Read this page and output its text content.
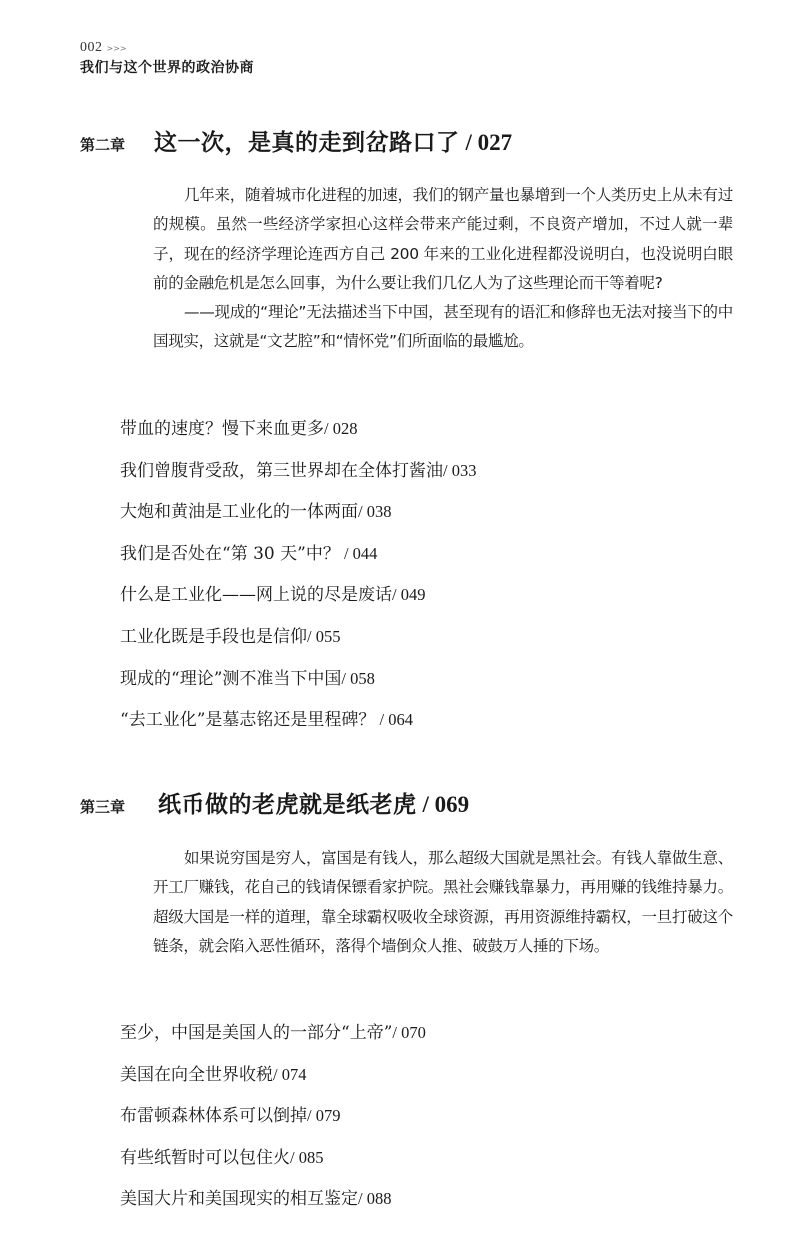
002 >>>
我们与这个世界的政治协商
第二章	这一次，是真的走到岔路口了 / 027

几年来，随着城市化进程的加速，我们的钢产量也暴增到一个人类历史上从未有过的规模。虽然一些经济学家担心这样会带来产能过剩，不良资产增加，不过人就一辈子，现在的经济学理论连西方自己 200 年来的工业化进程都没说明白，也没说明白眼前的金融危机是怎么回事，为什么要让我们几亿人为了这些理论而干等着呢?

——现成的“理论”无法描述当下中国，甚至现有的语汇和修辞也无法对接当下的中国现实，这就是“文艺腔”和“情怀党”们所面临的最尴尬。

带血的速度？慢下来血更多/ 028
我们曾腹背受敌，第三世界却在全体打酱油/ 033
大炮和黄油是工业化的一体两面/ 038
我们是否处在“第 30 天”中？ / 044
什么是工业化——网上说的尽是废话/ 049
工业化既是手段也是信仰/ 055
现成的“理论”测不准当下中国/ 058
“去工业化”是墓志铭还是里程碑？ / 064
第三章	纸币做的老虎就是纸老虎 / 069

如果说穷国是穷人，富国是有钱人，那么超级大国就是黑社会。有钱人靠做生意、开工厂赚钱，花自己的钱请保镖看家护院。黑社会赚钱靠暴力，再用赚的钱维持暴力。超级大国是一样的道理，靠全球霸权吸收全球资源，再用资源维持霸权，一旦打破这个链条，就会陷入恶性循环，落得个墙倒众人推、破鼓万人捶的下场。

至少，中国是美国人的一部分“上帝”/ 070
美国在向全世界收税/ 074
布雷顿森林体系可以倒掉/ 079
有些纸暂时可以包住火/ 085
美国大片和美国现实的相互鉴定/ 088
